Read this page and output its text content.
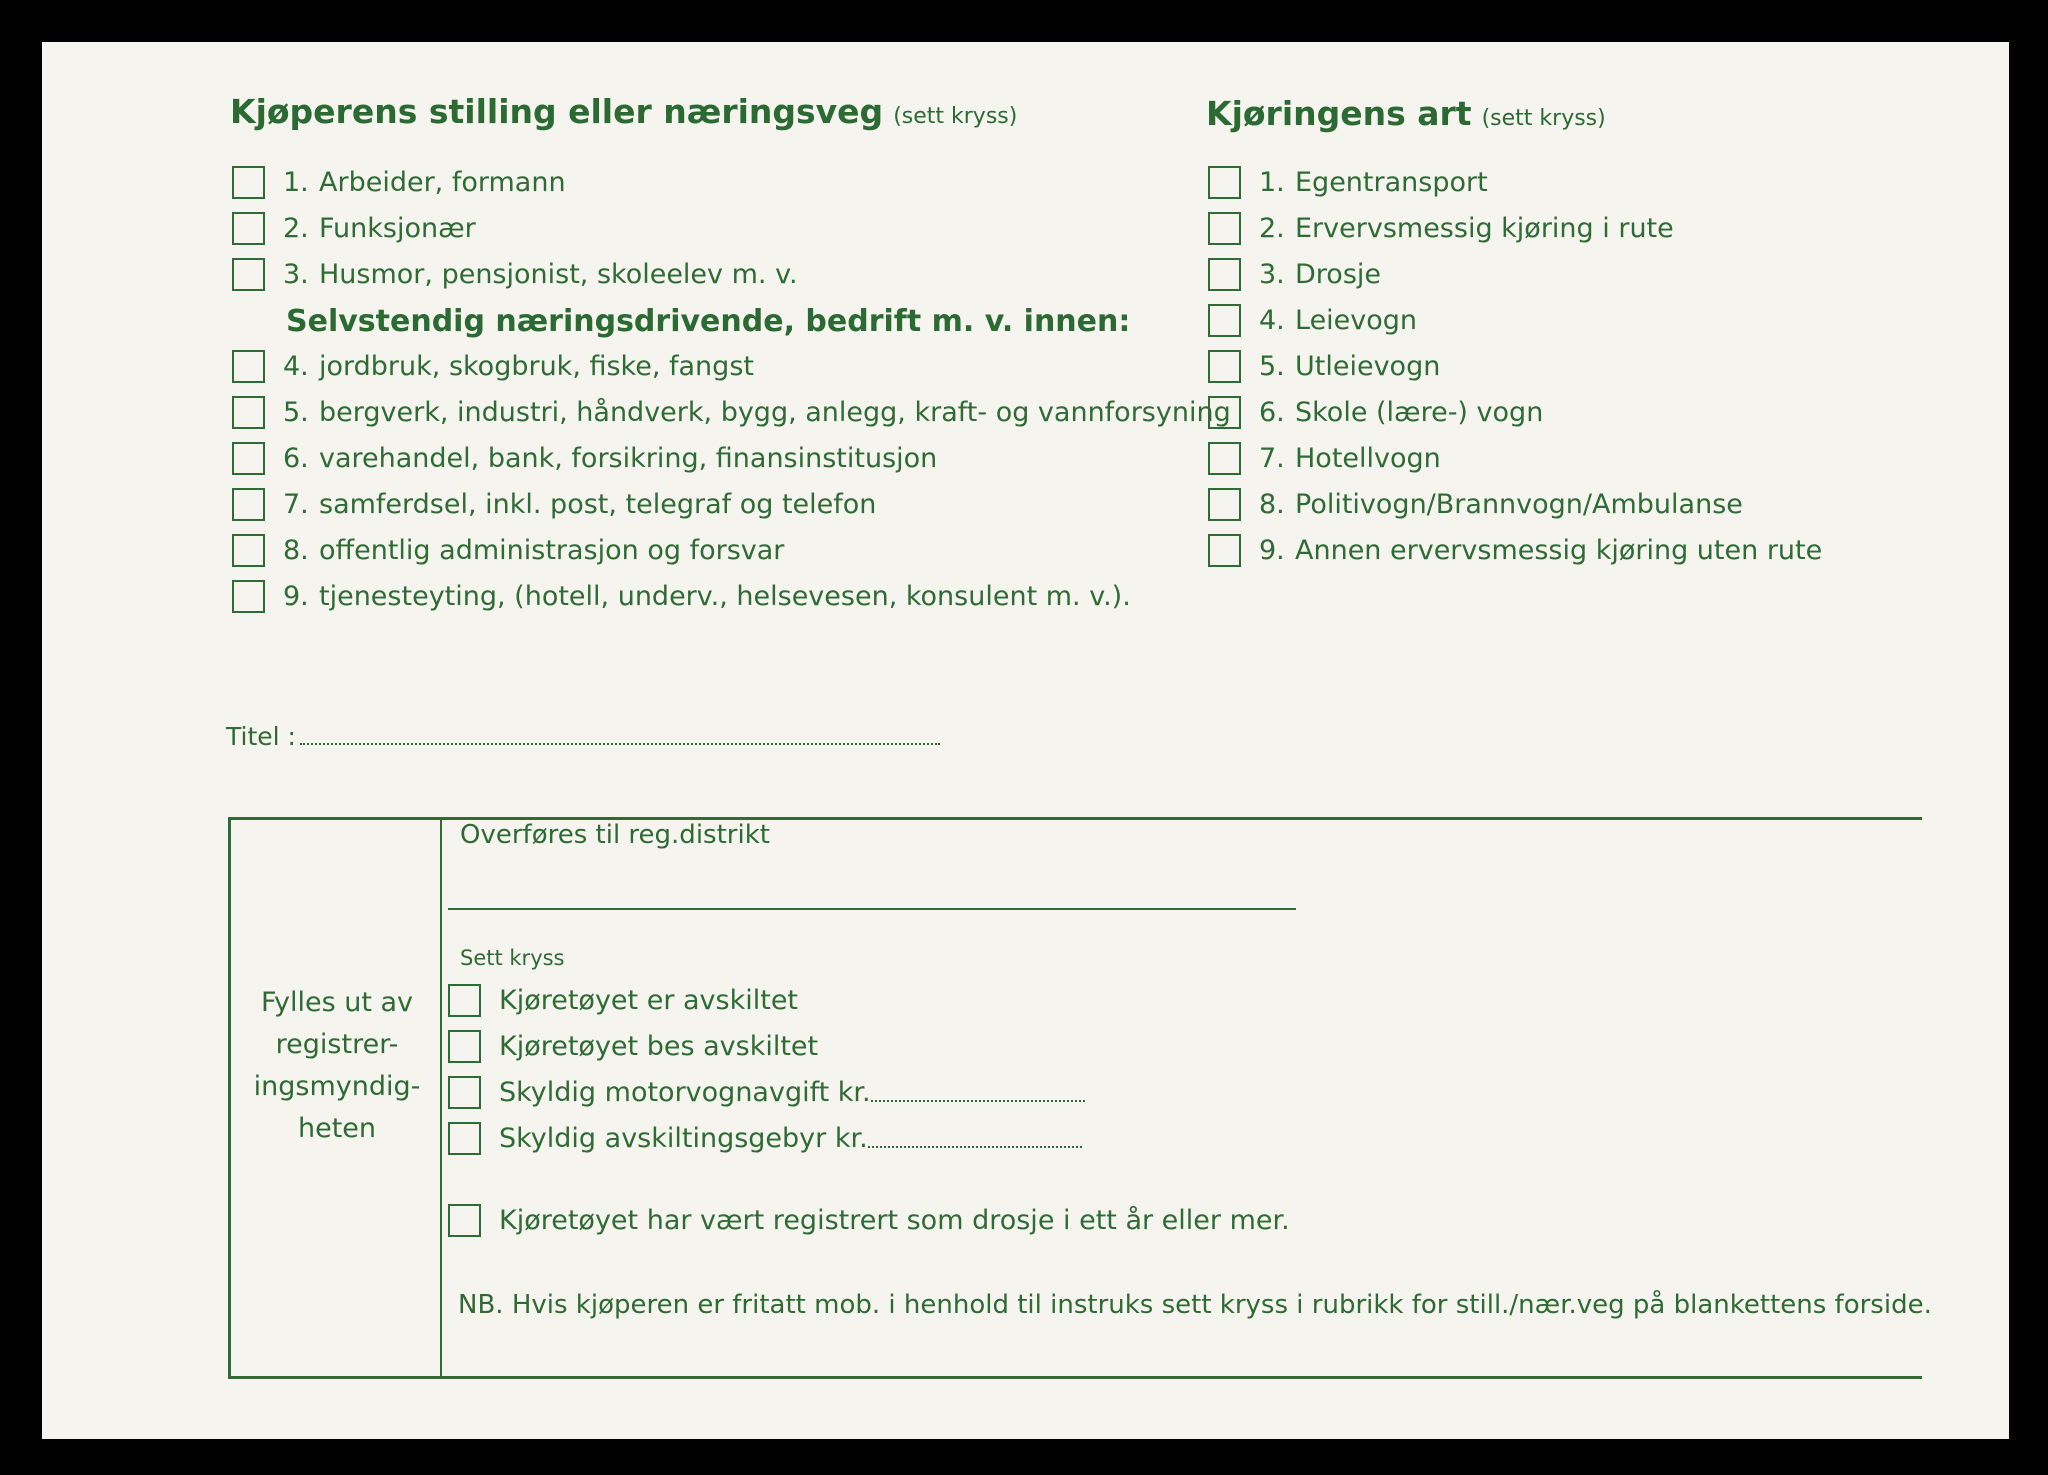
Kjøperens stilling eller næringsveg (sett kryss)	Kjøringens art (sett kryss)
1. Arbeider, formann
2. Funksjonær
3. Husmor, pensjonist, skoleelev m. v.
Selvstendig næringsdrivende, bedrift m. v. innen:
4. jordbruk, skogbruk, fiske, fangst
5. bergverk, industri, håndverk, bygg, anlegg, kraft- og vannforsyning
6. varehandel, bank, forsikring, finansinstitusjon
7. samferdsel, inkl. post, telegraf og telefon
8. offentlig administrasjon og forsvar
9. tjenesteyting, (hotell, underv., helsevesen, konsulent m. v.).
1. Egentransport
2. Ervervsmessig kjøring i rute
3. Drosje
4. Leievogn
5. Utleievogn
6. Skole (lære-) vogn
7. Hotellvogn
8. Politivogn/Brannvogn/Ambulanse
9. Annen ervervsmessig kjøring uten rute
Titel :
Fylles ut av registrer-ingsmyndig-heten
Overføres til reg.distrikt
Sett kryss
Kjøretøyet er avskiltet
Kjøretøyet bes avskiltet
Skyldig motorvognavgift kr.
Skyldig avskiltingsgebyr kr.
Kjøretøyet har vært registrert som drosje i ett år eller mer.
NB. Hvis kjøperen er fritatt mob. i henhold til instruks sett kryss i rubrikk for still./nær.veg på blankettens forside.
